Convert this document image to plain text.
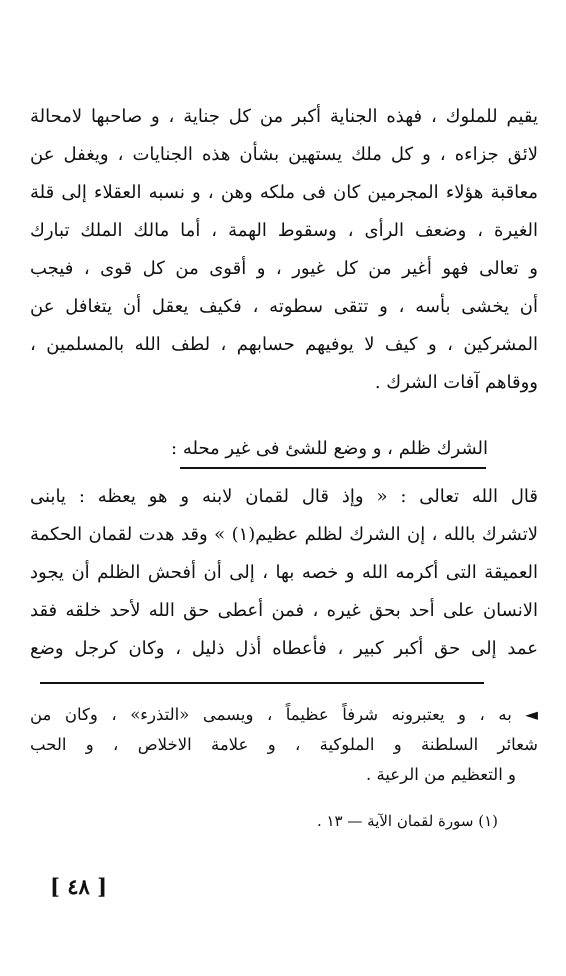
يقيم للملوك ، فهذه الجناية أكبر من كل جناية ، و صاحبها لامحالة
لائق جزاءه ، و كل ملك يستهين بشأن هذه الجنايات ، ويغفل عن
معاقبة هؤلاء المجرمين كان فى ملكه وهن ، و نسبه العقلاء إلى قلة
الغيرة ، وضعف الرأى ، وسقوط الهمة ، أما مالك الملك تبارك
و تعالى فهو أغير من كل غيور ، و أقوى من كل قوى ، فيجب
أن يخشى بأسه ، و تتقى سطوته ، فكيف يعقل أن يتغافل عن
المشركين ، و كيف لا يوفيهم حسابهم ، لطف الله بالمسلمين ،
ووقاهم آفات الشرك .
الشرك ظلم ، و وضع للشئ فى غير محله :
قال الله تعالى : « وإذ قال لقمان لابنه و هو يعظه : يابنى
لاتشرك بالله ، إن الشرك لظلم عظيم(١) » وقد هدت لقمان الحكمة
العميقة التى أكرمه الله و خصه بها ، إلى أن أفحش الظلم أن يجود
الانسان على أحد بحق غيره ، فمن أعطى حق الله لأحد خلقه فقد
عمد إلى حق أكبر كبير ، فأعطاه أذل ذليل ، وكان كرجل وضع
◄ به ، و يعتبرونه شرفاً عظيماً ، ويسمى «التذرء» ، وكان من
شعائر السلطنة و الملوكية ، و علامة الاخلاص ، و الحب
و التعظيم من الرعية .
(١) سورة لقمان الآية — ١٣ .
[ ٤٨ ]
